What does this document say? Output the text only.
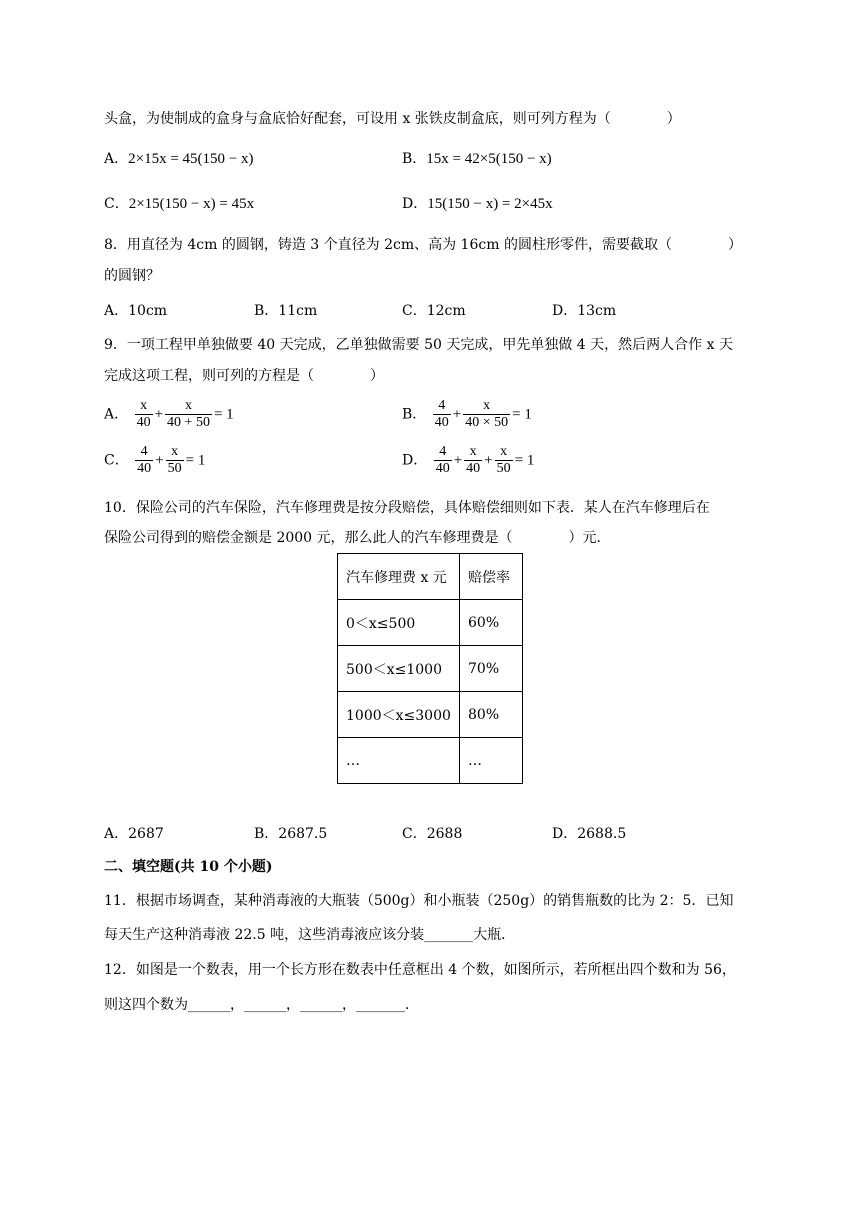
头盒，为使制成的盒身与盒底恰好配套，可设用 x 张铁皮制盒底，则可列方程为（　　　　）
A．2×15x = 45(150 − x)	B．15x = 42×5(150 − x)
C．2×15(150 − x) = 45x	D．15(150 − x) = 2×45x
8．用直径为 4cm 的圆钢，铸造 3 个直径为 2cm、高为 16cm 的圆柱形零件，需要截取（　　　　）
的圆钢？
A．10cm	B．11cm	C．12cm	D．13cm
9．一项工程甲单独做要 40 天完成，乙单独做需要 50 天完成，甲先单独做 4 天，然后两人合作 x 天
完成这项工程，则可列的方程是（　　　　）
A． $\frac{x}{40} + \frac{x}{40 + 50} = 1$	B． $\frac{4}{40} + \frac{x}{40 \times 50} = 1$
C． $\frac{4}{40} + \frac{x}{50} = 1$	D． $\frac{4}{40} + \frac{x}{40} + \frac{x}{50} = 1$
10．保险公司的汽车保险，汽车修理费是按分段赔偿，具体赔偿细则如下表．某人在汽车修理后在
保险公司得到的赔偿金额是 2000 元，那么此人的汽车修理费是（　　　　）元．
汽车修理费 x 元	赔偿率
0＜x≤500	60%
500＜x≤1000	70%
1000＜x≤3000	80%
…	…
A．2687	B．2687.5	C．2688	D．2688.5
二、填空题(共 10 个小题)
11．根据市场调查，某种消毒液的大瓶装（500g）和小瓶装（250g）的销售瓶数的比为 2：5．已知
每天生产这种消毒液 22.5 吨，这些消毒液应该分装_______大瓶．
12．如图是一个数表，用一个长方形在数表中任意框出 4 个数，如图所示，若所框出四个数和为 56，
则这四个数为______，______，______，_______．
